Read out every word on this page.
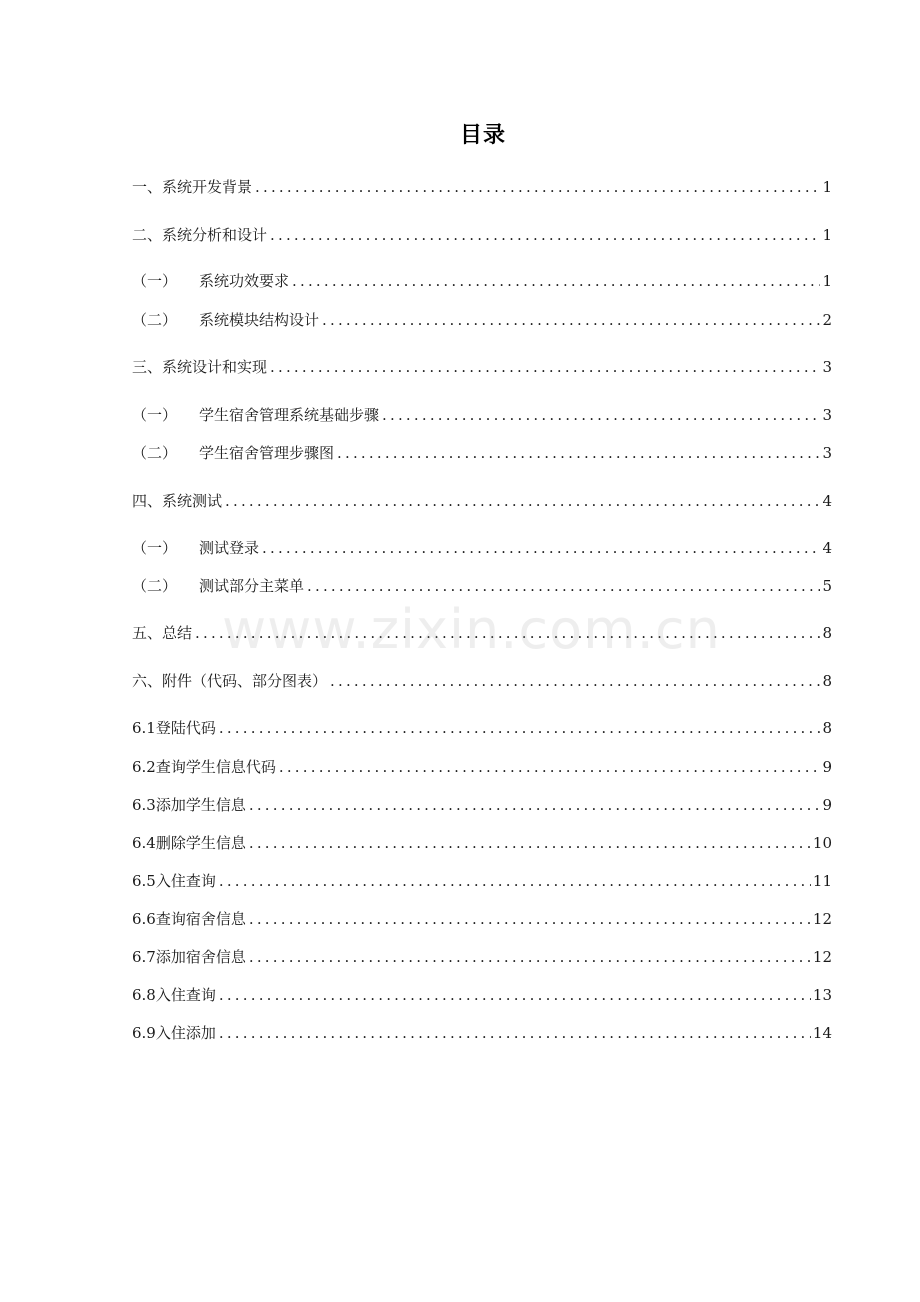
目录
一、 系统开发背景 .....	1
二、 系统分析和设计 .....	1
（一） 系统功效要求 .....	1
（二） 系统模块结构设计 .....	2
三、 系统设计和实现 .....	3
（一） 学生宿舍管理系统基础步骤 .....	3
（二） 学生宿舍管理步骤图 .....	3
四、 系统测试 .....	4
（一） 测试登录 .....	4
（二） 测试部分主菜单 .....	5
五、 总结 .....	8
六、 附件（代码、部分图表） .....	8
6.1 登陆代码 .....	8
6.2 查询学生信息代码 .....	9
6.3 添加学生信息 .....	9
6.4 删除学生信息 .....	10
6.5 入住查询 .....	11
6.6 查询宿舍信息 .....	12
6.7 添加宿舍信息 .....	12
6.8 入住查询 .....	13
6.9 入住添加 .....	14
www.zixin.com.cn
